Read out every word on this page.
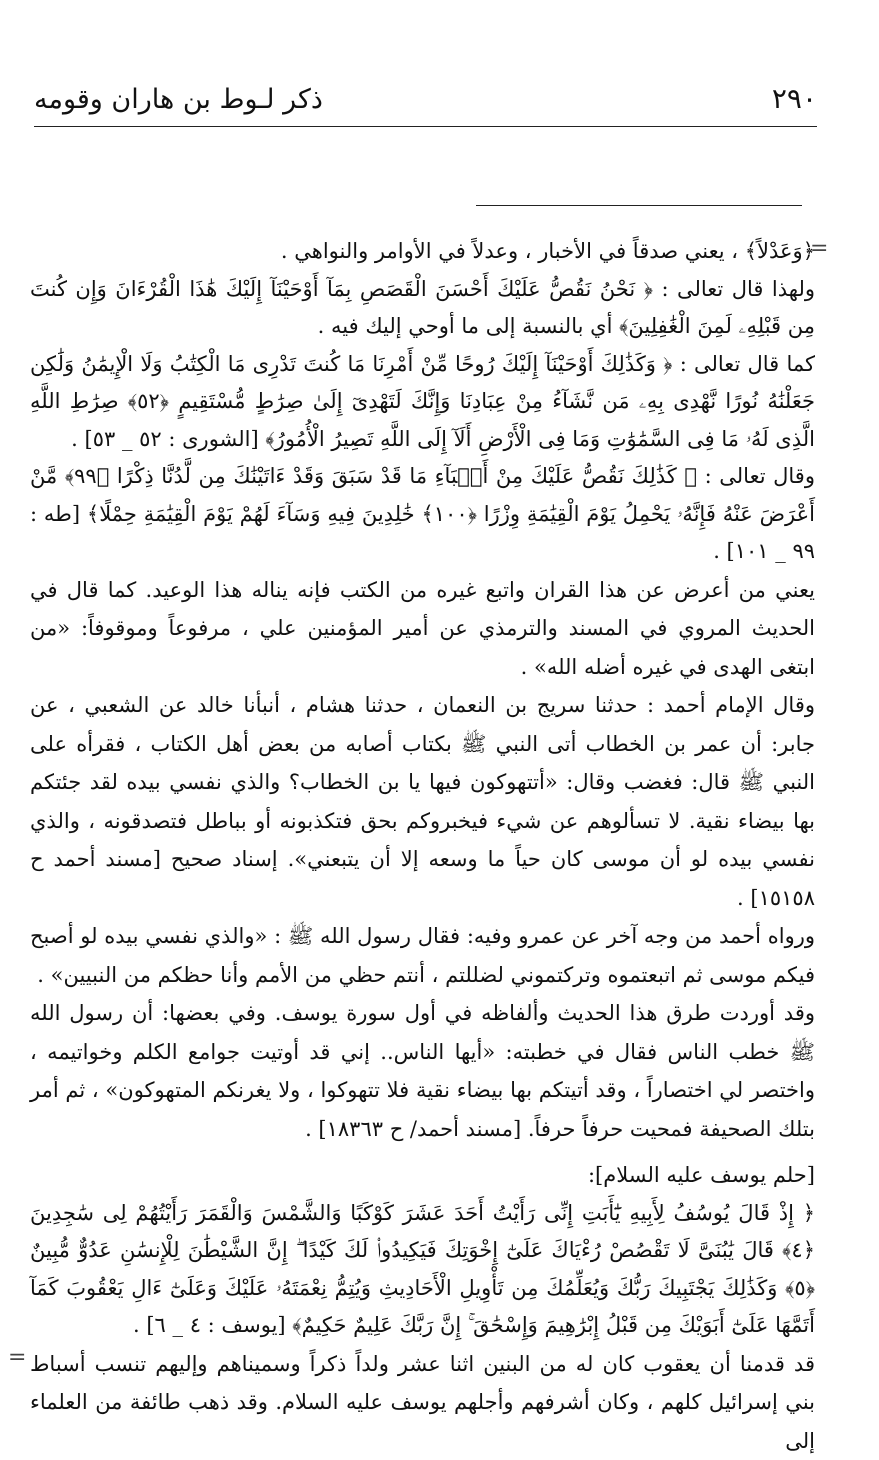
٢٩٠
ذكر لـوط بن هاران وقومه
=
=

﴿وَعَدْلاً﴾ ، يعني صدقاً في الأخبار ، وعدلاً في الأوامر والنواهي .

ولهذا قال تعالى : ﴿ نَحْنُ نَقُصُّ عَلَيْكَ أَحْسَنَ الْقَصَصِ بِمَآ أَوْحَيْنَآ إِلَيْكَ هَٰذَا الْقُرْءَانَ وَإِن كُنتَ مِن قَبْلِهِۦ لَمِنَ الْغَٰفِلِينَ﴾ أي بالنسبة إلى ما أوحي إليك فيه .

كما قال تعالى : ﴿ وَكَذَٰلِكَ أَوْحَيْنَآ إِلَيْكَ رُوحًا مِّنْ أَمْرِنَا مَا كُنتَ تَدْرِى مَا الْكِتَٰبُ وَلَا الْإِيمَٰنُ وَلَٰكِن جَعَلْنَٰهُ نُورًا نَّهْدِى بِهِۦ مَن نَّشَآءُ مِنْ عِبَادِنَا وَإِنَّكَ لَتَهْدِىٓ إِلَىٰ صِرَٰطٍ مُّسْتَقِيمٍ ﴿٥٢﴾ صِرَٰطِ اللَّهِ الَّذِى لَهُۥ مَا فِى السَّمَٰوَٰتِ وَمَا فِى الْأَرْضِ أَلَآ إِلَى اللَّهِ تَصِيرُ الْأُمُورُ﴾ [الشورى : ٥٢ _ ٥٣] .

وقال تعالى : ﴿ كَذَٰلِكَ نَقُصُّ عَلَيْكَ مِنْ أَنۢبَآءِ مَا قَدْ سَبَقَ وَقَدْ ءَاتَيْنَٰكَ مِن لَّدُنَّا ذِكْرًا ﴿٩٩﴾ مَّنْ أَعْرَضَ عَنْهُ فَإِنَّهُۥ يَحْمِلُ يَوْمَ الْقِيَٰمَةِ وِزْرًا ﴿١٠٠﴾ خَٰلِدِينَ فِيهِ وَسَآءَ لَهُمْ يَوْمَ الْقِيَٰمَةِ حِمْلًا﴾ [طه : ٩٩ _ ١٠١] .

يعني من أعرض عن هذا القران واتبع غيره من الكتب فإنه يناله هذا الوعيد. كما قال في الحديث المروي في المسند والترمذي عن أمير المؤمنين علي ، مرفوعاً وموقوفاً: «من ابتغى الهدى في غيره أضله الله» .

وقال الإمام أحمد : حدثنا سريج بن النعمان ، حدثنا هشام ، أنبأنا خالد عن الشعبي ، عن جابر: أن عمر بن الخطاب أتى النبي ﷺ بكتاب أصابه من بعض أهل الكتاب ، فقرأه على النبي ﷺ قال: فغضب وقال: «أتتهوكون فيها يا بن الخطاب؟ والذي نفسي بيده لقد جئتكم بها بيضاء نقية. لا تسألوهم عن شيء فيخبروكم بحق فتكذبونه أو بباطل فتصدقونه ، والذي نفسي بيده لو أن موسى كان حياً ما وسعه إلا أن يتبعني». إسناد صحيح [مسند أحمد ح ١٥١٥٨] .

ورواه أحمد من وجه آخر عن عمرو وفيه: فقال رسول الله ﷺ : «والذي نفسي بيده لو أصبح فيكم موسى ثم اتبعتموه وتركتموني لضللتم ، أنتم حظي من الأمم وأنا حظكم من النبيين» .

وقد أوردت طرق هذا الحديث وألفاظه في أول سورة يوسف. وفي بعضها: أن رسول الله ﷺ خطب الناس فقال في خطبته: «أيها الناس.. إني قد أوتيت جوامع الكلم وخواتيمه ، واختصر لي اختصاراً ، وقد أتيتكم بها بيضاء نقية فلا تتهوكوا ، ولا يغرنكم المتهوكون» ، ثم أمر بتلك الصحيفة فمحيت حرفاً حرفاً. [مسند أحمد/ ح ١٨٣٦٣] .

[حلم يوسف عليه السلام]:

﴿ إِذْ قَالَ يُوسُفُ لِأَبِيهِ يَٰٓأَبَتِ إِنِّى رَأَيْتُ أَحَدَ عَشَرَ كَوْكَبًا وَالشَّمْسَ وَالْقَمَرَ رَأَيْتُهُمْ لِى سَٰجِدِينَ ﴿٤﴾ قَالَ يَٰبُنَىَّ لَا تَقْصُصْ رُءْيَاكَ عَلَىٰٓ إِخْوَتِكَ فَيَكِيدُوا۟ لَكَ كَيْدًا ۖ إِنَّ الشَّيْطَٰنَ لِلْإِنسَٰنِ عَدُوٌّ مُّبِينٌ ﴿٥﴾ وَكَذَٰلِكَ يَجْتَبِيكَ رَبُّكَ وَيُعَلِّمُكَ مِن تَأْوِيلِ الْأَحَادِيثِ وَيُتِمُّ نِعْمَتَهُۥ عَلَيْكَ وَعَلَىٰٓ ءَالِ يَعْقُوبَ كَمَآ أَتَمَّهَا عَلَىٰٓ أَبَوَيْكَ مِن قَبْلُ إِبْرَٰهِيمَ وَإِسْحَٰقَ ۚ إِنَّ رَبَّكَ عَلِيمٌ حَكِيمٌ﴾ [يوسف : ٤ _ ٦] .

قد قدمنا أن يعقوب كان له من البنين اثنا عشر ولداً ذكراً وسميناهم وإليهم تنسب أسباط بني إسرائيل كلهم ، وكان أشرفهم وأجلهم يوسف عليه السلام. وقد ذهب طائفة من العلماء إلى
